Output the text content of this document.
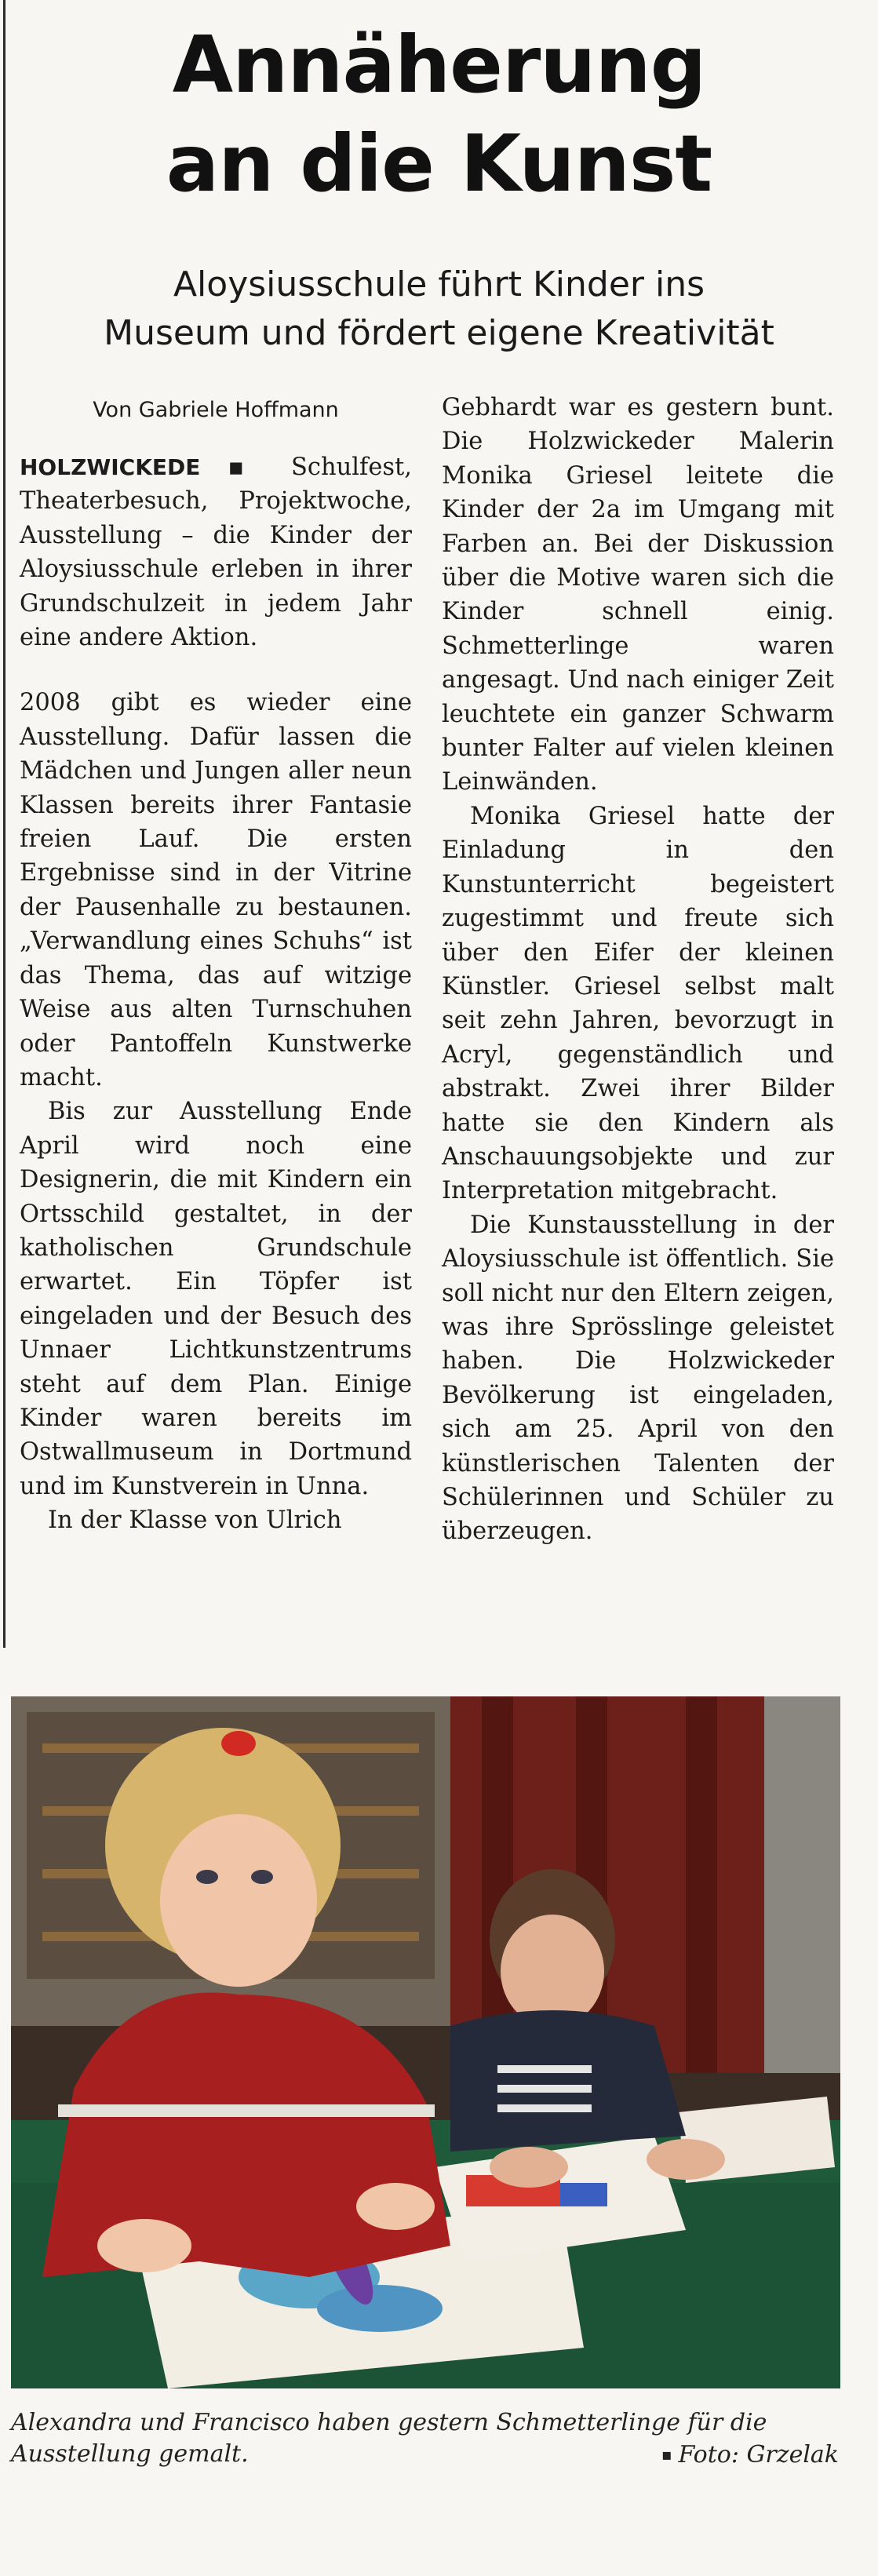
Annäherung
an die Kunst
Aloysiusschule führt Kinder ins
Museum und fördert eigene Kreativität
Von Gabriele Hoffmann

HOLZWICKEDE ▪ Schulfest, Theaterbesuch, Projektwoche, Ausstellung – die Kinder der Aloysiusschule erleben in ihrer Grundschulzeit in jedem Jahr eine andere Aktion.

2008 gibt es wieder eine Ausstellung. Dafür lassen die Mädchen und Jungen aller neun Klassen bereits ihrer Fantasie freien Lauf. Die ersten Ergebnisse sind in der Vitrine der Pausenhalle zu bestaunen. „Verwandlung eines Schuhs“ ist das Thema, das auf witzige Weise aus alten Turnschuhen oder Pantoffeln Kunstwerke macht.

Bis zur Ausstellung Ende April wird noch eine Designerin, die mit Kindern ein Ortsschild gestaltet, in der katholischen Grundschule erwartet. Ein Töpfer ist eingeladen und der Besuch des Unnaer Lichtkunstzentrums steht auf dem Plan. Einige Kinder waren bereits im Ostwallmuseum in Dortmund und im Kunstverein in Unna.

In der Klasse von Ulrich

Gebhardt war es gestern bunt. Die Holzwickeder Malerin Monika Griesel leitete die Kinder der 2a im Umgang mit Farben an. Bei der Diskussion über die Motive waren sich die Kinder schnell einig. Schmetterlinge waren angesagt. Und nach einiger Zeit leuchtete ein ganzer Schwarm bunter Falter auf vielen kleinen Leinwänden.

Monika Griesel hatte der Einladung in den Kunstunterricht begeistert zugestimmt und freute sich über den Eifer der kleinen Künstler. Griesel selbst malt seit zehn Jahren, bevorzugt in Acryl, gegenständlich und abstrakt. Zwei ihrer Bilder hatte sie den Kindern als Anschauungsobjekte und zur Interpretation mitgebracht.

Die Kunstausstellung in der Aloysiusschule ist öffentlich. Sie soll nicht nur den Eltern zeigen, was ihre Sprösslinge geleistet haben. Die Holzwickeder Bevölkerung ist eingeladen, sich am 25. April von den künstlerischen Talenten der Schülerinnen und Schüler zu überzeugen.

Alexandra und Francisco haben gestern Schmetterlinge für die
Ausstellung gemalt.	▪ Foto: Grzelak
